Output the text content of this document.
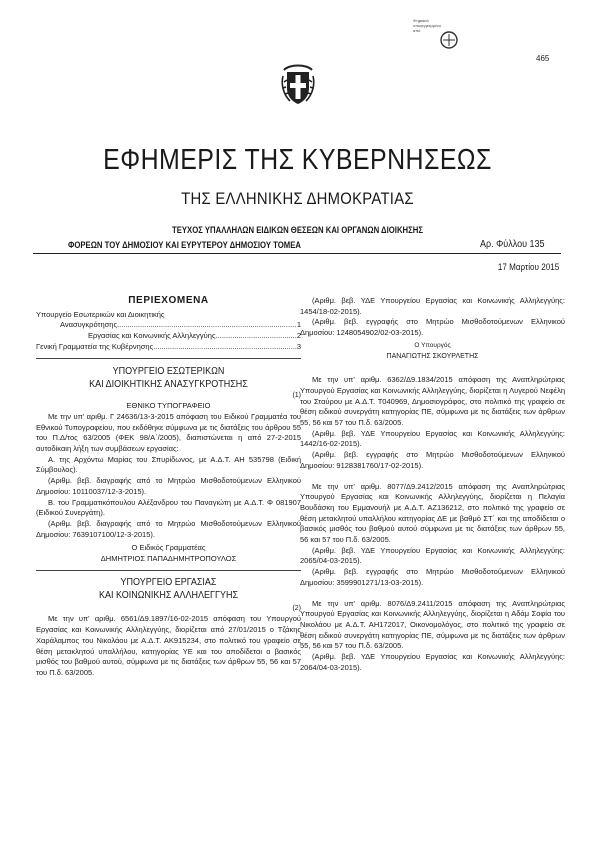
Ψηφιακά
υπογεγραμμένο
από
465
ΕΦΗΜΕΡΙΣ ΤΗΣ ΚΥΒΕΡΝΗΣΕΩΣ
ΤΗΣ ΕΛΛΗΝΙΚΗΣ ΔΗΜΟΚΡΑΤΙΑΣ
ΤΕΥΧΟΣ ΥΠΑΛΛΗΛΩΝ ΕΙΔΙΚΩΝ ΘΕΣΕΩΝ ΚΑΙ ΟΡΓΑΝΩΝ ΔΙΟΙΚΗΣΗΣ
ΦΟΡΕΩΝ ΤΟΥ ΔΗΜΟΣΙΟΥ ΚΑΙ ΕΥΡΥΤΕΡΟΥ ΔΗΜΟΣΙΟΥ ΤΟΜΕΑ	Αρ. Φύλλου 135
17 Μαρτίου 2015
ΠΕΡΙΕΧΟΜΕΝΑ
Υπουργείο Εσωτερικών και Διοικητικής
Ανασυγκρότησης .....	1
Εργασίας και Κοινωνικής Αλληλεγγύης .....	2
Γενική Γραμματεία της Κυβέρνησης .....	3
ΥΠΟΥΡΓΕΙΟ ΕΣΩΤΕΡΙΚΩΝ
ΚΑΙ ΔΙΟΙΚΗΤΙΚΗΣ ΑΝΑΣΥΓΚΡΟΤΗΣΗΣ
(1)
ΕΘΝΙΚΟ ΤΥΠΟΓΡΑΦΕΙΟ

Με την υπ' αριθμ. Γ 24636/13-3-2015 απόφαση του Ειδικού Γραμματέα του Εθνικού Τυπογραφείου, που εκδόθηκε σύμφωνα με τις διατάξεις του άρθρου 55 του Π.Δ/τος 63/2005 (ΦΕΚ 98/Α΄/2005), διαπιστώνεται η από 27-2-2015 αυτοδίκαιη λήξη των συμβάσεων εργασίας:

Α. της Αρχόντω Μαρίας του Σπυρίδωνος, με Α.Δ.Τ. ΑΗ 535798 (Ειδική Σύμβουλος).

(Αριθμ. βεβ. διαγραφής από το Μητρώο Μισθοδοτούμενων Ελληνικού Δημοσίου: 10110037/12-3-2015).

Β. του Γραμματικόπουλου Αλέξανδρου του Παναγιώτη με Α.Δ.Τ. Φ 081907 (Ειδικού Συνεργάτη).

(Αριθμ. βεβ. διαγραφής από το Μητρώο Μισθοδοτούμενων Ελληνικού Δημοσίου: 7639107100/12-3-2015).

Ο Ειδικός Γραμματέας
ΔΗΜΗΤΡΙΟΣ ΠΑΠΑΔΗΜΗΤΡΟΠΟΥΛΟΣ
ΥΠΟΥΡΓΕΙΟ ΕΡΓΑΣΙΑΣ
ΚΑΙ ΚΟΙΝΩΝΙΚΗΣ ΑΛΛΗΛΕΓΓΥΗΣ
(2)

Με την υπ' αριθμ. 6561/Δ9.1897/16-02-2015 απόφαση του Υπουργού Εργασίας και Κοινωνικής Αλληλεγγύης, διορίζεται από 27/01/2015 ο Τζάκης Χαράλαμπος του Νικολάου με Α.Δ.Τ. ΑΚ915234, στο πολιτικό του γραφείο σε θέση μετακλητού υπαλλήλου, κατηγορίας ΥΕ και του αποδίδεται ο βασικός μισθός του βαθμού αυτού, σύμφωνα με τις διατάξεις των άρθρων 55, 56 και 57 του Π.δ. 63/2005.

(Αριθμ. βεβ. ΥΔΕ Υπουργείου Εργασίας και Κοινωνικής Αλληλεγγύης: 1454/18-02-2015).

(Αριθμ. βεβ. εγγραφής στο Μητρώο Μισθοδοτούμενων Ελληνικού Δημοσίου: 1248054902/02-03-2015).

Ο Υπουργός
ΠΑΝΑΓΙΩΤΗΣ ΣΚΟΥΡΛΕΤΗΣ

Με την υπ' αριθμ. 6362/Δ9.1834/2015 απόφαση της Αναπληρώτριας Υπουργού Εργασίας και Κοινωνικής Αλληλεγγύης, διορίζεται η Λυγερού Νεφέλη του Σταύρου με Α.Δ.Τ. Τ040969, Δημοσιογράφος, στο πολιτικό της γραφείο σε θέση ειδικού συνεργάτη κατηγορίας ΠΕ, σύμφωνα με τις διατάξεις των άρθρων 55, 56 και 57 του Π.δ. 63/2005.

(Αριθμ. βεβ. ΥΔΕ Υπουργείου Εργασίας και Κοινωνικής Αλληλεγγύης: 1442/16-02-2015).

(Αριθμ. βεβ. εγγραφής στο Μητρώο Μισθοδοτούμενων Ελληνικού Δημοσίου: 9128381760/17-02-2015).

Με την υπ' αριθμ. 8077/Δ9.2412/2015 απόφαση της Αναπληρώτριας Υπουργού Εργασίας και Κοινωνικής Αλληλεγγύης, διορίζεται η Πελαγία Βουδάσκη του Εμμανουήλ με Α.Δ.Τ. ΑΖ136212, στο πολιτικό της γραφείο σε θέση μετακλητού υπαλλήλου κατηγορίας ΔΕ με βαθμό ΣΤ΄ και της αποδίδεται ο βασικός μισθός του βαθμού αυτού σύμφωνα με τις διατάξεις των άρθρων 55, 56 και 57 του Π.δ. 63/2005.

(Αριθμ. βεβ. ΥΔΕ Υπουργείου Εργασίας και Κοινωνικής Αλληλεγγύης: 2065/04-03-2015).

(Αριθμ. βεβ. εγγραφής στο Μητρώο Μισθοδοτούμενων Ελληνικού Δημοσίου: 3599901271/13-03-2015).

Με την υπ' αριθμ. 8076/Δ9.2411/2015 απόφαση της Αναπληρώτριας Υπουργού Εργασίας και Κοινωνικής Αλληλεγγύης, διορίζεται η Αδάμ Σοφία του Νικολάου με Α.Δ.Τ. ΑΗ172017, Οικονομολόγος, στο πολιτικό της γραφείο σε θέση ειδικού συνεργάτη κατηγορίας ΠΕ, σύμφωνα με τις διατάξεις των άρθρων 55, 56 και 57 του Π.δ. 63/2005.

(Αριθμ. βεβ. ΥΔΕ Υπουργείου Εργασίας και Κοινωνικής Αλληλεγγύης: 2064/04-03-2015).
